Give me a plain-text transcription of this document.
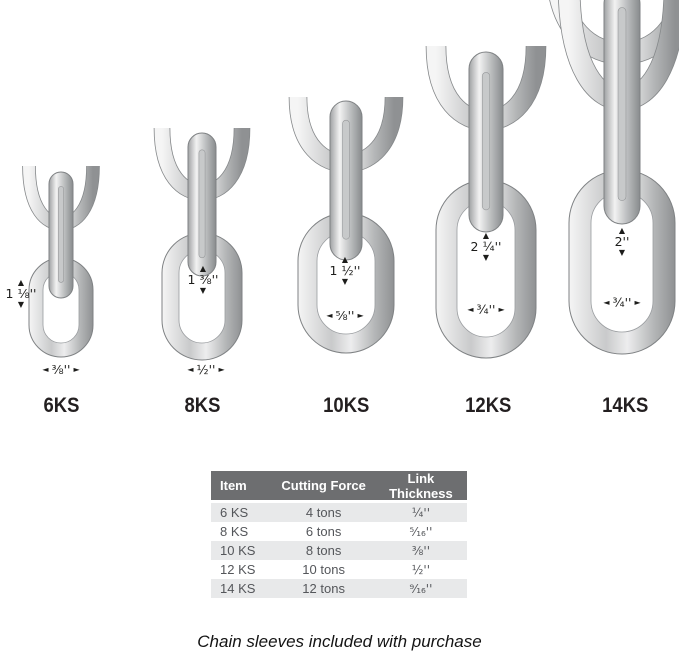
▲
1 ⅛''
▼
◄ ⅜'' ►
6KS
▲
1 ⅜''
▼
◄ ½'' ►
8KS
▲
1 ½''
▼
◄ ⅝'' ►
10KS
▲
2 ¼''
▼
◄ ¾'' ►
12KS
▲
2''
▼
◄ ¾'' ►
14KS
Item	Cutting Force	Link Thickness
6 KS	4 tons	¼''
8 KS	6 tons	⁵⁄₁₆''
10 KS	8 tons	⅜''
12 KS	10 tons	½''
14 KS	12 tons	⁹⁄₁₆''
Chain sleeves included with purchase
